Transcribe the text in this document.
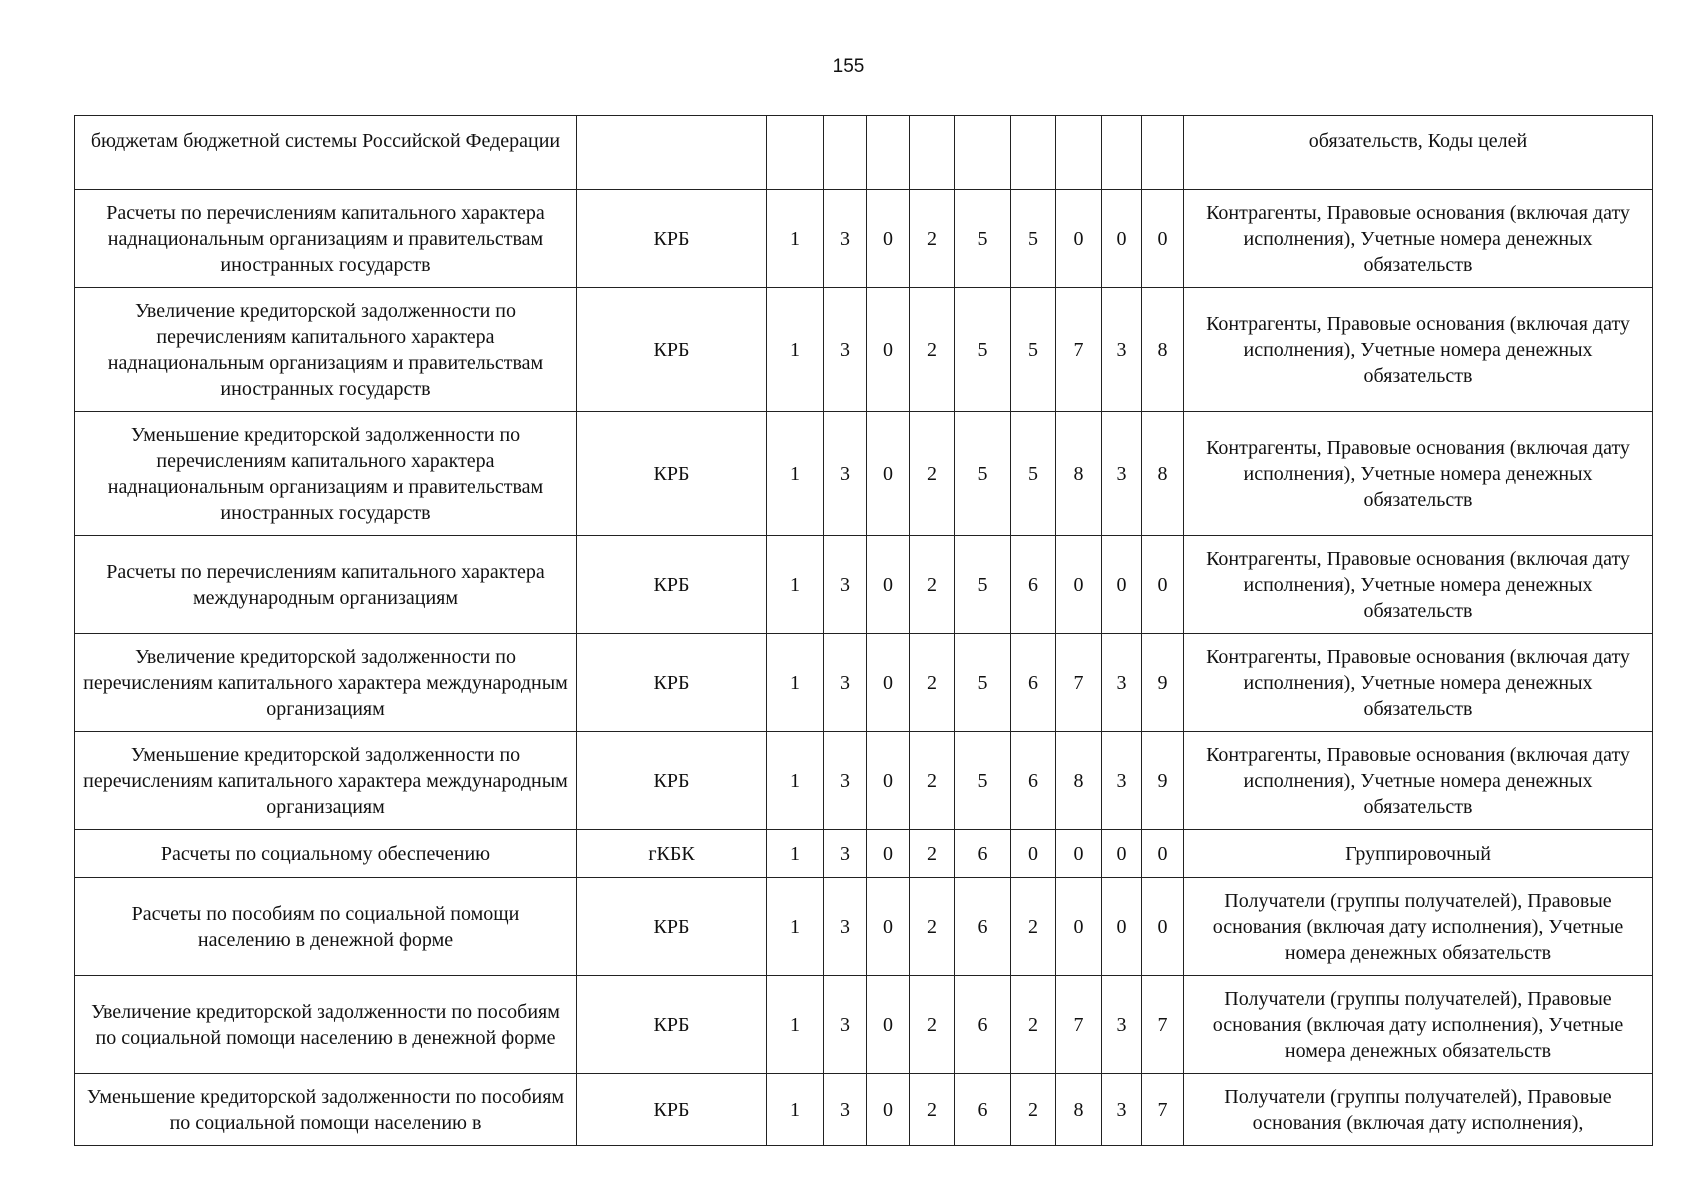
155
бюджетам бюджетной системы Российской Федерации											обязательств, Коды целей
Расчеты по перечислениям капитального характера наднациональным организациям и правительствам иностранных государств	КРБ	1	3	0	2	5	5	0	0	0	Контрагенты, Правовые основания (включая дату исполнения), Учетные номера денежных обязательств
Увеличение кредиторской задолженности по перечислениям капитального характера наднациональным организациям и правительствам иностранных государств	КРБ	1	3	0	2	5	5	7	3	8	Контрагенты, Правовые основания (включая дату исполнения), Учетные номера денежных обязательств
Уменьшение кредиторской задолженности по перечислениям капитального характера наднациональным организациям и правительствам иностранных государств	КРБ	1	3	0	2	5	5	8	3	8	Контрагенты, Правовые основания (включая дату исполнения), Учетные номера денежных обязательств
Расчеты по перечислениям капитального характера международным организациям	КРБ	1	3	0	2	5	6	0	0	0	Контрагенты, Правовые основания (включая дату исполнения), Учетные номера денежных обязательств
Увеличение кредиторской задолженности по перечислениям капитального характера международным организациям	КРБ	1	3	0	2	5	6	7	3	9	Контрагенты, Правовые основания (включая дату исполнения), Учетные номера денежных обязательств
Уменьшение кредиторской задолженности по перечислениям капитального характера международным организациям	КРБ	1	3	0	2	5	6	8	3	9	Контрагенты, Правовые основания (включая дату исполнения), Учетные номера денежных обязательств
Расчеты по социальному обеспечению	гКБК	1	3	0	2	6	0	0	0	0	Группировочный
Расчеты по пособиям по социальной помощи населению в денежной форме	КРБ	1	3	0	2	6	2	0	0	0	Получатели (группы получателей), Правовые основания (включая дату исполнения), Учетные номера денежных обязательств
Увеличение кредиторской задолженности по пособиям по социальной помощи населению в денежной форме	КРБ	1	3	0	2	6	2	7	3	7	Получатели (группы получателей), Правовые основания (включая дату исполнения), Учетные номера денежных обязательств
Уменьшение кредиторской задолженности по пособиям по социальной помощи населению в	КРБ	1	3	0	2	6	2	8	3	7	Получатели (группы получателей), Правовые основания (включая дату исполнения),
